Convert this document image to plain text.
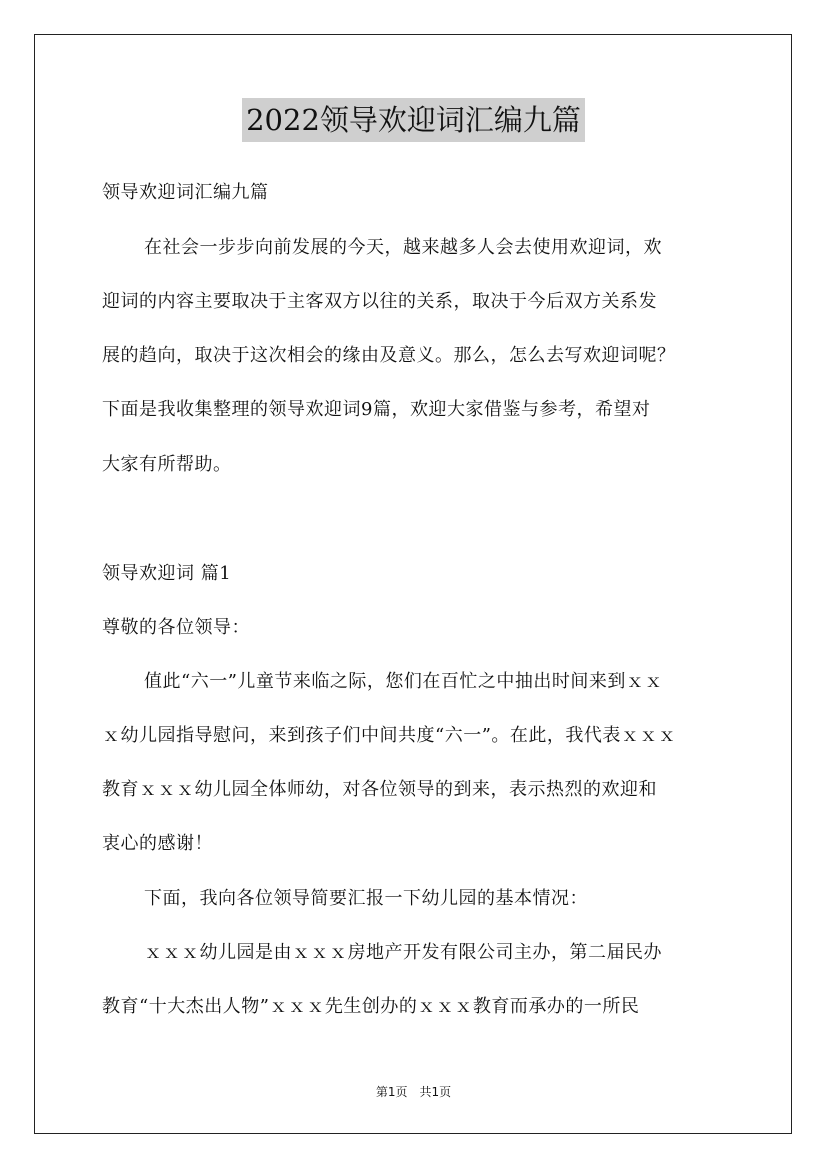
2022领导欢迎词汇编九篇
领导欢迎词汇编九篇
在社会一步步向前发展的今天，越来越多人会去使用欢迎词，欢
迎词的内容主要取决于主客双方以往的关系，取决于今后双方关系发
展的趋向，取决于这次相会的缘由及意义。那么，怎么去写欢迎词呢？
下面是我收集整理的领导欢迎词9篇，欢迎大家借鉴与参考，希望对
大家有所帮助。
领导欢迎词 篇1
尊敬的各位领导：
值此“六一”儿童节来临之际，您们在百忙之中抽出时间来到ｘｘ
ｘ幼儿园指导慰问，来到孩子们中间共度“六一”。在此，我代表ｘｘｘ
教育ｘｘｘ幼儿园全体师幼，对各位领导的到来，表示热烈的欢迎和
衷心的感谢！
下面，我向各位领导简要汇报一下幼儿园的基本情况：
ｘｘｘ幼儿园是由ｘｘｘ房地产开发有限公司主办，第二届民办
教育“十大杰出人物”ｘｘｘ先生创办的ｘｘｘ教育而承办的一所民
第1页　共1页
